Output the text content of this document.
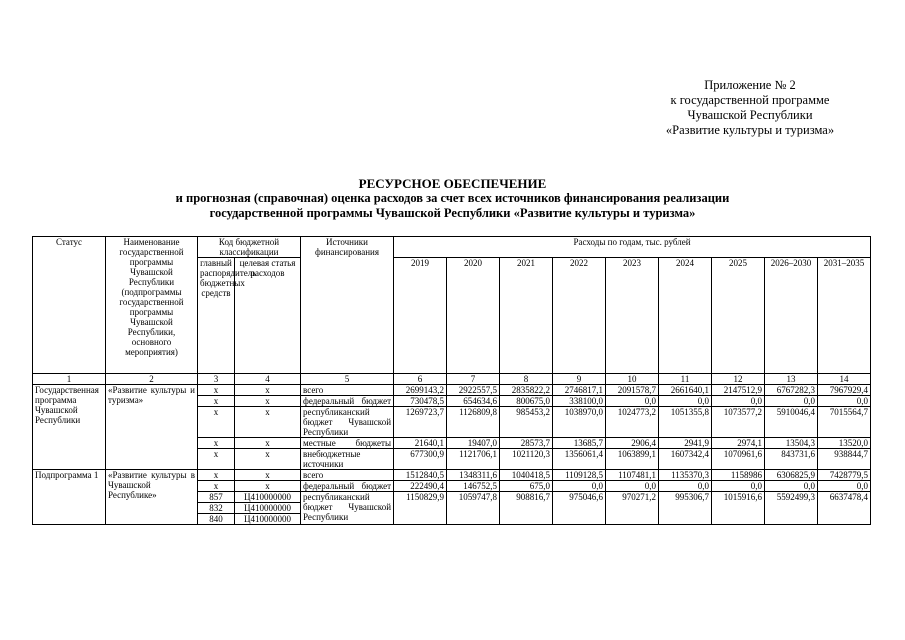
Приложение № 2
к государственной программе
Чувашской Республики
«Развитие культуры и туризма»
РЕСУРСНОЕ ОБЕСПЕЧЕНИЕ
и прогнозная (справочная) оценка расходов за счет всех источников финансирования реализации
государственной программы Чувашской Республики «Развитие культуры и туризма»
Статус	Наименование государственной программы Чувашской Республики (подпрограммы государственной программы Чувашской Республики, основного мероприятия)	Код бюджетной классификации		Источники финансирования	Расходы по годам, тыс. рублей								
		главный распорядитель бюджетных средств	целевая статья расходов		2019	2020	2021	2022	2023	2024	2025	2026–2030	2031–2035
1	2	3	4	5	6	7	8	9	10	11	12	13	14
Государственная программа Чувашской Республики	«Развитие культуры и туризма»	x	x	всего	2699143,2	2922557,5	2835822,2	2746817,1	2091578,7	2661640,1	2147512,9	6767282,3	7967929,4
		x	x	федеральный бюджет	730478,5	654634,6	800675,0	338100,0	0,0	0,0	0,0	0,0	0,0
		x	x	республиканский бюджет Чувашской Республики	1269723,7	1126809,8	985453,2	1038970,0	1024773,2	1051355,8	1073577,2	5910046,4	7015564,7
		x	x	местные бюджеты	21640,1	19407,0	28573,7	13685,7	2906,4	2941,9	2974,1	13504,3	13520,0
		x	x	внебюджетные источники	677300,9	1121706,1	1021120,3	1356061,4	1063899,1	1607342,4	1070961,6	843731,6	938844,7
Подпрограмма 1	«Развитие культуры в Чувашской Республике»	x	x	всего	1512840,5	1348311,6	1040418,5	1109128,5	1107481,1	1135370,3	1158986	6306825,9	7428779,5
		x	x	федеральный бюджет	222490,4	146752,5	675,0	0,0	0,0	0,0	0,0	0,0	0,0
		857	Ц410000000	республиканский бюджет Чувашской Республики	1150829,9	1059747,8	908816,7	975046,6	970271,2	995306,7	1015916,6	5592499,3	6637478,4
		832	Ц410000000										
		840	Ц410000000										
